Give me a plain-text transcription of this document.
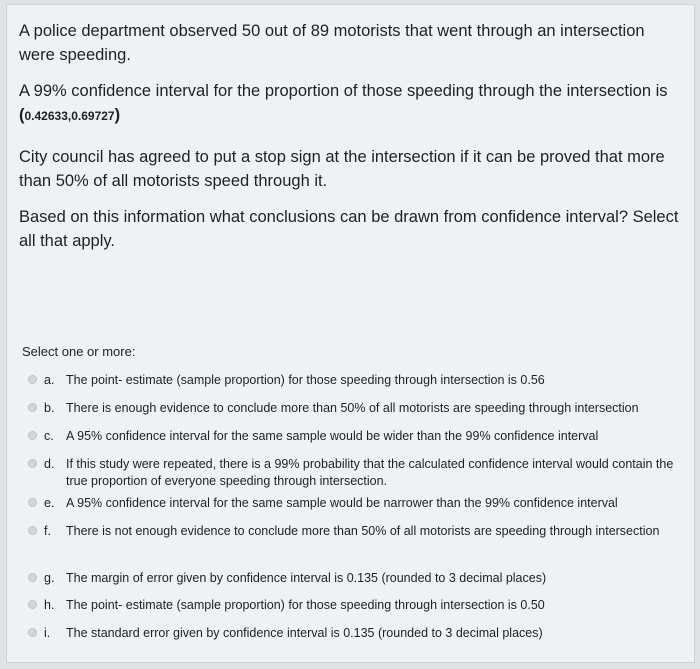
A police department observed 50 out of 89 motorists that went through an intersection were speeding.
A 99% confidence interval for the proportion of those speeding through the intersection is (0.42633,0.69727)
City council has agreed to put a stop sign at the intersection if it can be proved that more than 50% of all motorists speed through it.
Based on this information what conclusions can be drawn from confidence interval? Select all that apply.
Select one or more:
a. The point- estimate (sample proportion) for those speeding through intersection is 0.56
b. There is enough evidence to conclude more than 50% of all motorists are speeding through intersection
c. A 95% confidence interval for the same sample would be wider than the 99% confidence interval
d. If this study were repeated, there is a 99% probability that the calculated confidence interval would contain the true proportion of everyone speeding through intersection.
e. A 95% confidence interval for the same sample would be narrower than the 99% confidence interval
f.	There is not enough evidence to conclude more than 50% of all motorists are speeding through intersection
g. The margin of error given by confidence interval is 0.135 (rounded to 3 decimal places)
h. The point- estimate (sample proportion) for those speeding through intersection is 0.50
i.	The standard error given by confidence interval is 0.135 (rounded to 3 decimal places)
